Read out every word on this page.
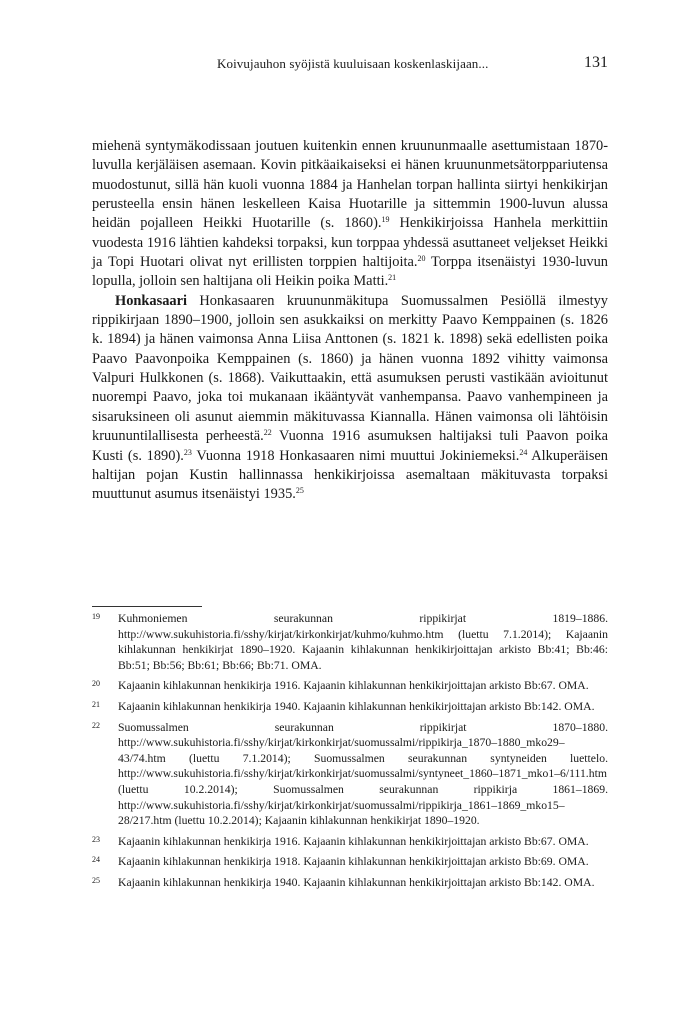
Koivujauhon syöjistä kuuluisaan koskenlaskijaan...	131

miehenä syntymäkodissaan joutuen kuitenkin ennen kruununmaalle asettumistaan 1870-luvulla kerjäläisen asemaan. Kovin pitkäaikaiseksi ei hänen kruununmetsätorppariutensa muodostunut, sillä hän kuoli vuonna 1884 ja Hanhelan torpan hallinta siirtyi henkikirjan perusteella ensin hänen leskelleen Kaisa Huotarille ja sittemmin 1900-luvun alussa heidän pojalleen Heikki Huotarille (s. 1860).$^{19}$ Henkikirjoissa Hanhela merkittiin vuodesta 1916 lähtien kahdeksi torpaksi, kun torppaa yhdessä asuttaneet veljekset Heikki ja Topi Huotari olivat nyt erillisten torppien haltijoita.$^{20}$ Torppa itsenäistyi 1930-luvun lopulla, jolloin sen haltijana oli Heikin poika Matti.$^{21}$

Honkasaari Honkasaaren kruununmäkitupa Suomussalmen Pesiöllä ilmestyy rippikirjaan 1890–1900, jolloin sen asukkaiksi on merkitty Paavo Kemppainen (s. 1826 k. 1894) ja hänen vaimonsa Anna Liisa Anttonen (s. 1821 k. 1898) sekä edellisten poika Paavo Paavonpoika Kemppainen (s. 1860) ja hänen vuonna 1892 vihitty vaimonsa Valpuri Hulkkonen (s. 1868). Vaikuttaakin, että asumuksen perusti vastikään avioitunut nuorempi Paavo, joka toi mukanaan ikääntyvät vanhempansa. Paavo vanhempineen ja sisaruksineen oli asunut aiemmin mäkituvassa Kiannalla. Hänen vaimonsa oli lähtöisin kruununtilallisesta perheestä.$^{22}$ Vuonna 1916 asumuksen haltijaksi tuli Paavon poika Kusti (s. 1890).$^{23}$ Vuonna 1918 Honkasaaren nimi muuttui Jokiniemeksi.$^{24}$ Alkuperäisen haltijan pojan Kustin hallinnassa henkikirjoissa asemaltaan mäkituvasta torpaksi muuttunut asumus itsenäistyi 1935.25

19 Kuhmoniemen seurakunnan rippikirjat 1819–1886. http://www.sukuhistoria.fi/sshy/kirjat/kirkonkirjat/kuhmo/kuhmo.htm (luettu 7.1.2014); Kajaanin kihlakunnan henkikirjat 1890–1920. Kajaanin kihlakunnan henkikirjoittajan arkisto Bb:41; Bb:46: Bb:51; Bb:56; Bb:61; Bb:66; Bb:71. OMA.
20 Kajaanin kihlakunnan henkikirja 1916. Kajaanin kihlakunnan henkikirjoittajan arkisto Bb:67. OMA.
21 Kajaanin kihlakunnan henkikirja 1940. Kajaanin kihlakunnan henkikirjoittajan arkisto Bb:142. OMA.
22 Suomussalmen seurakunnan rippikirjat 1870–1880. http://www.sukuhistoria.fi/sshy/kirjat/kirkonkirjat/suomussalmi/rippikirja_1870–1880_mko29–43/74.htm (luettu 7.1.2014); Suomussalmen seurakunnan syntyneiden luettelo. http://www.sukuhistoria.fi/sshy/kirjat/kirkonkirjat/suomussalmi/syntyneet_1860–1871_mko1–6/111.htm (luettu 10.2.2014); Suomussalmen seurakunnan rippikirja 1861–1869. http://www.sukuhistoria.fi/sshy/kirjat/kirkonkirjat/suomussalmi/rippikirja_1861–1869_mko15–28/217.htm (luettu 10.2.2014); Kajaanin kihlakunnan henkikirjat 1890–1920.
23 Kajaanin kihlakunnan henkikirja 1916. Kajaanin kihlakunnan henkikirjoittajan arkisto Bb:67. OMA.
24 Kajaanin kihlakunnan henkikirja 1918. Kajaanin kihlakunnan henkikirjoittajan arkisto Bb:69. OMA.
25 Kajaanin kihlakunnan henkikirja 1940. Kajaanin kihlakunnan henkikirjoittajan arkisto Bb:142. OMA.
